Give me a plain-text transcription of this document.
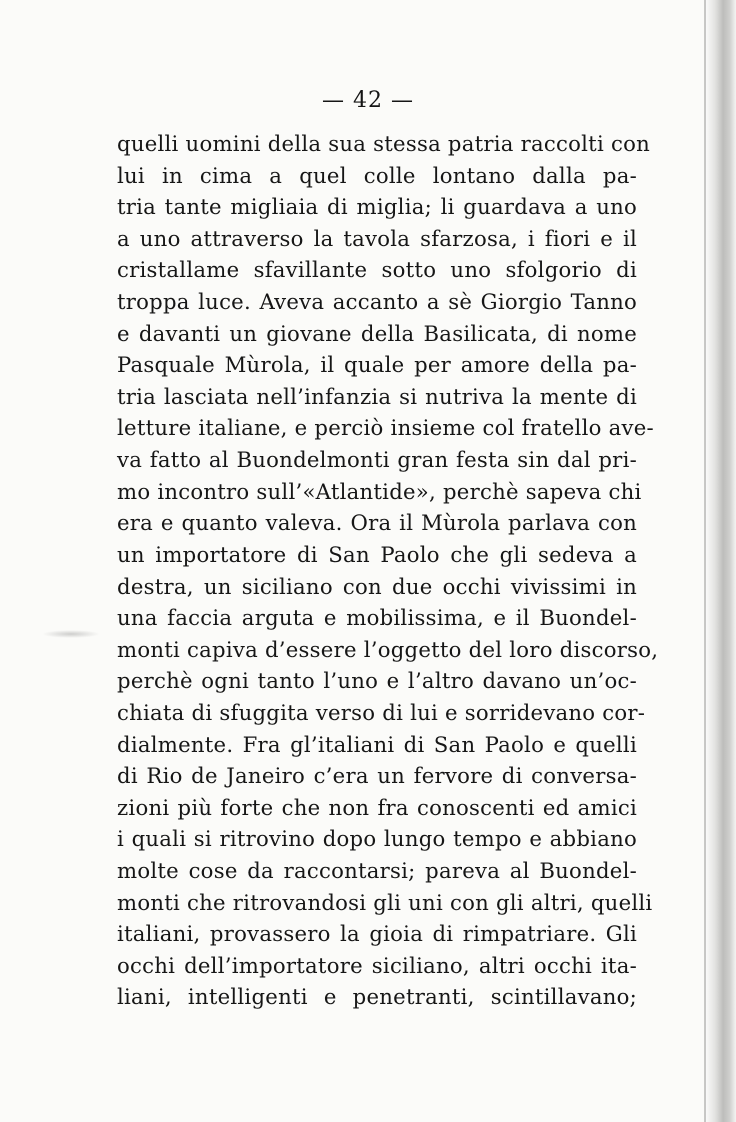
— 42 —
quelli uomini della sua stessa patria raccolti con
lui in cima a quel colle lontano dalla pa-
tria tante migliaia di miglia; li guardava a uno
a uno attraverso la tavola sfarzosa, i fiori e il
cristallame sfavillante sotto uno sfolgorio di
troppa luce. Aveva accanto a sè Giorgio Tanno
e davanti un giovane della Basilicata, di nome
Pasquale Mùrola, il quale per amore della pa-
tria lasciata nell’infanzia si nutriva la mente di
letture italiane, e perciò insieme col fratello ave-
va fatto al Buondelmonti gran festa sin dal pri-
mo incontro sull’«Atlantide», perchè sapeva chi
era e quanto valeva. Ora il Mùrola parlava con
un importatore di San Paolo che gli sedeva a
destra, un siciliano con due occhi vivissimi in
una faccia arguta e mobilissima, e il Buondel-
monti capiva d’essere l’oggetto del loro discorso,
perchè ogni tanto l’uno e l’altro davano un’oc-
chiata di sfuggita verso di lui e sorridevano cor-
dialmente. Fra gl’italiani di San Paolo e quelli
di Rio de Janeiro c’era un fervore di conversa-
zioni più forte che non fra conoscenti ed amici
i quali si ritrovino dopo lungo tempo e abbiano
molte cose da raccontarsi; pareva al Buondel-
monti che ritrovandosi gli uni con gli altri, quelli
italiani, provassero la gioia di rimpatriare. Gli
occhi dell’importatore siciliano, altri occhi ita-
liani, intelligenti e penetranti, scintillavano;
